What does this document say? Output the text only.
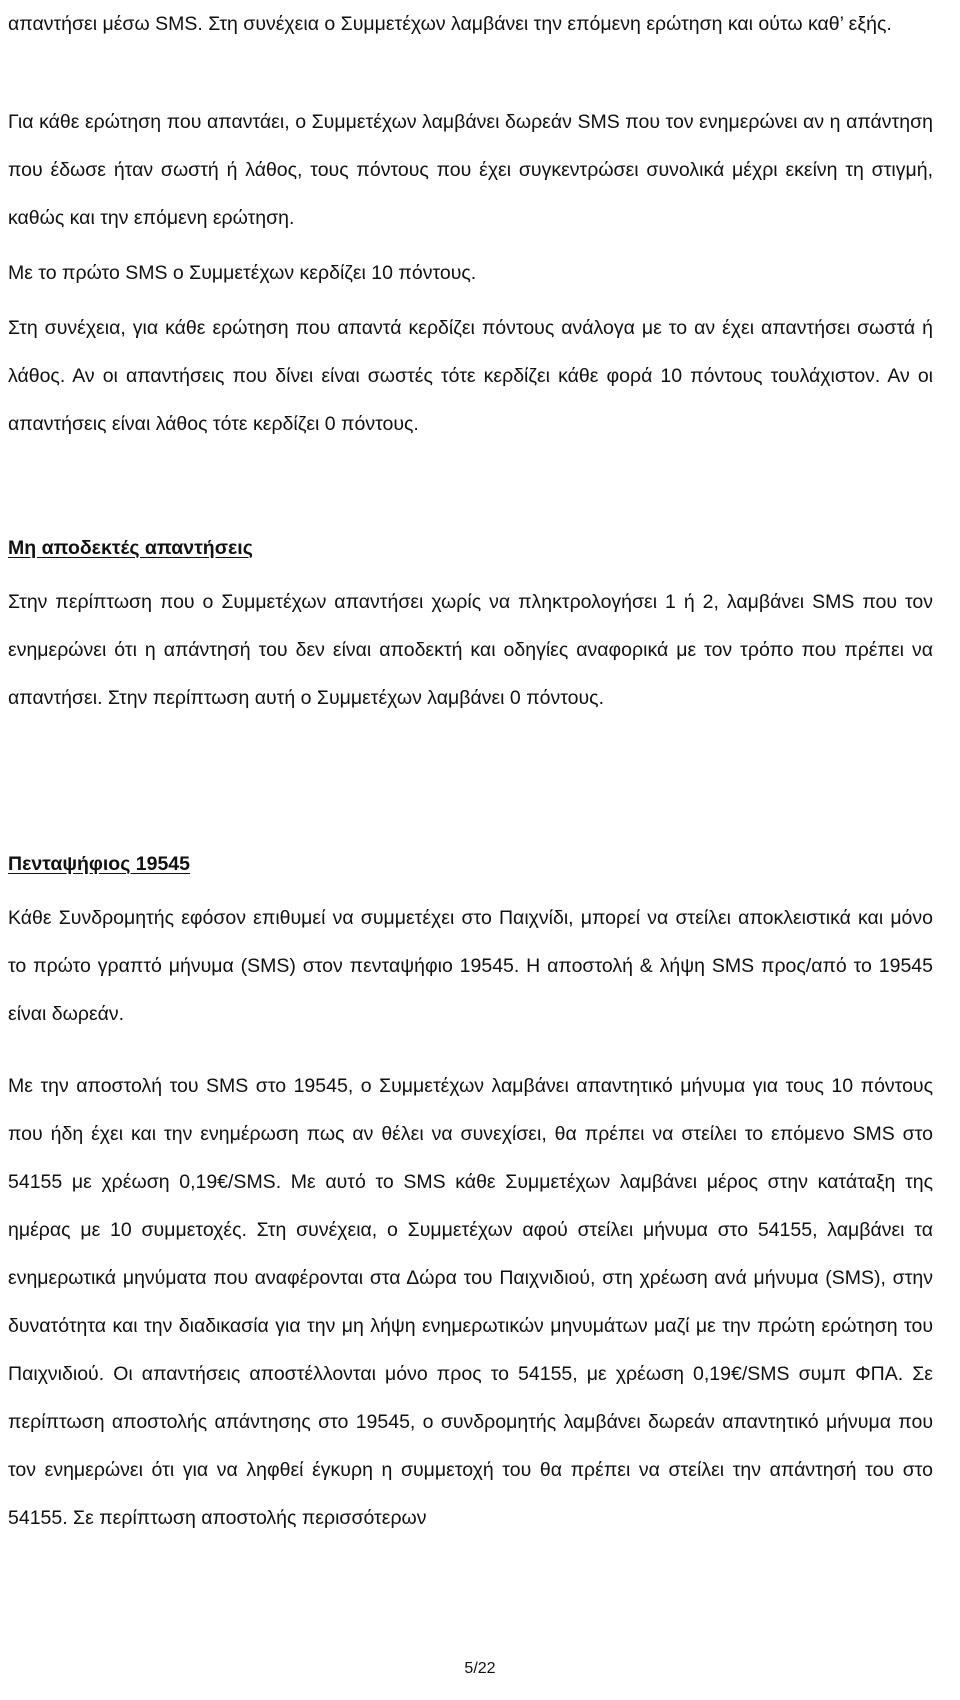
απαντήσει μέσω SMS. Στη συνέχεια ο Συμμετέχων λαμβάνει την επόμενη ερώτηση και ούτω καθ’ εξής.

Για κάθε ερώτηση που απαντάει, ο Συμμετέχων λαμβάνει δωρεάν SMS που τον ενημερώνει αν η απάντηση που έδωσε ήταν σωστή ή λάθος, τους πόντους που έχει συγκεντρώσει συνολικά μέχρι εκείνη τη στιγμή, καθώς και την επόμενη ερώτηση.

Με το πρώτο SMS ο Συμμετέχων κερδίζει 10 πόντους.

Στη συνέχεια, για κάθε ερώτηση που απαντά κερδίζει πόντους ανάλογα με το αν έχει απαντήσει σωστά ή λάθος. Αν οι απαντήσεις που δίνει είναι σωστές τότε κερδίζει κάθε φορά 10 πόντους τουλάχιστον. Αν οι απαντήσεις είναι λάθος τότε κερδίζει 0 πόντους.

Μη αποδεκτές απαντήσεις

Στην περίπτωση που ο Συμμετέχων απαντήσει χωρίς να πληκτρολογήσει 1 ή 2, λαμβάνει SMS που τον ενημερώνει ότι η απάντησή του δεν είναι αποδεκτή και οδηγίες αναφορικά με τον τρόπο που πρέπει να απαντήσει. Στην περίπτωση αυτή ο Συμμετέχων λαμβάνει 0 πόντους.

Πενταψήφιος 19545

Κάθε Συνδρομητής εφόσον επιθυμεί να συμμετέχει στο Παιχνίδι, μπορεί να στείλει αποκλειστικά και μόνο το πρώτο γραπτό μήνυμα (SMS) στον πενταψήφιο 19545. Η αποστολή & λήψη SMS προς/από το 19545 είναι δωρεάν.

Με την αποστολή του SMS στο 19545, ο Συμμετέχων λαμβάνει απαντητικό μήνυμα για τους 10 πόντους που ήδη έχει και την ενημέρωση πως αν θέλει να συνεχίσει, θα πρέπει να στείλει το επόμενο SMS στο 54155 με χρέωση 0,19€/SMS. Με αυτό το SMS κάθε Συμμετέχων λαμβάνει μέρος στην κατάταξη της ημέρας με 10 συμμετοχές. Στη συνέχεια, ο Συμμετέχων αφού στείλει μήνυμα στο 54155, λαμβάνει τα ενημερωτικά μηνύματα που αναφέρονται στα Δώρα του Παιχνιδιού, στη χρέωση ανά μήνυμα (SMS), στην δυνατότητα και την διαδικασία για την μη λήψη ενημερωτικών μηνυμάτων μαζί με την πρώτη ερώτηση του Παιχνιδιού. Οι απαντήσεις αποστέλλονται μόνο προς το 54155, με χρέωση 0,19€/SMS συμπ ΦΠΑ. Σε περίπτωση αποστολής απάντησης στο 19545, ο συνδρομητής λαμβάνει δωρεάν απαντητικό μήνυμα που τον ενημερώνει ότι για να ληφθεί έγκυρη η συμμετοχή του θα πρέπει να στείλει την απάντησή του στο 54155. Σε περίπτωση αποστολής περισσότερων

5/22
